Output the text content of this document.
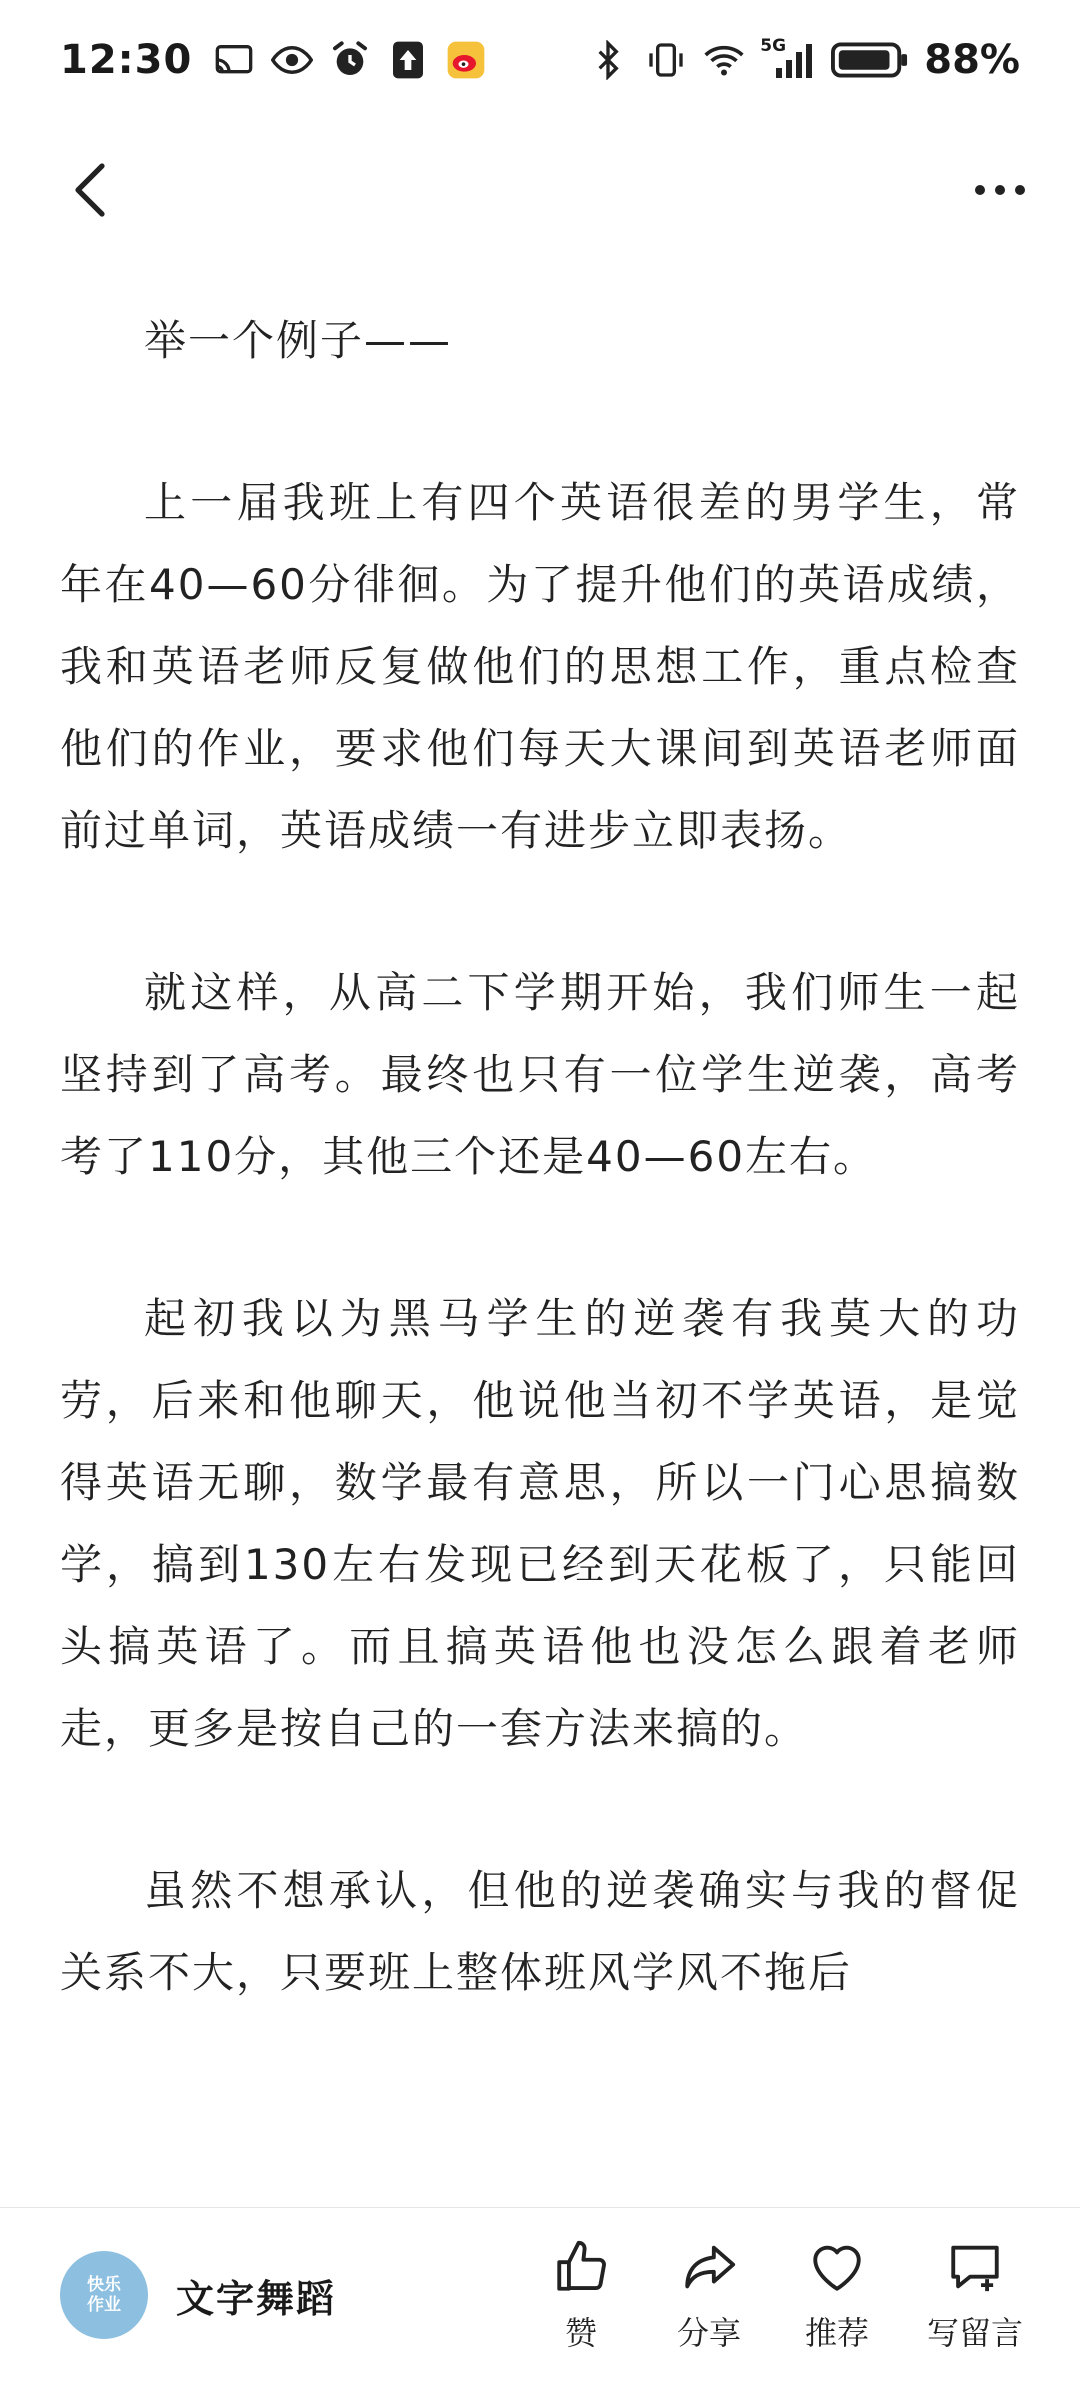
12:30	5G	88%

举一个例子——

上一届我班上有四个英语很差的男学生，常年在40—60分徘徊。为了提升他们的英语成绩，我和英语老师反复做他们的思想工作，重点检查他们的作业，要求他们每天大课间到英语老师面前过单词，英语成绩一有进步立即表扬。

就这样，从高二下学期开始，我们师生一起坚持到了高考。最终也只有一位学生逆袭，高考考了110分，其他三个还是40—60左右。

起初我以为黑马学生的逆袭有我莫大的功劳，后来和他聊天，他说他当初不学英语，是觉得英语无聊，数学最有意思，所以一门心思搞数学，搞到130左右发现已经到天花板了，只能回头搞英语了。而且搞英语他也没怎么跟着老师走，更多是按自己的一套方法来搞的。

虽然不想承认，但他的逆袭确实与我的督促关系不大，只要班上整体班风学风不拖后

快乐
作业 文字舞蹈
赞 分享 推荐 写留言
